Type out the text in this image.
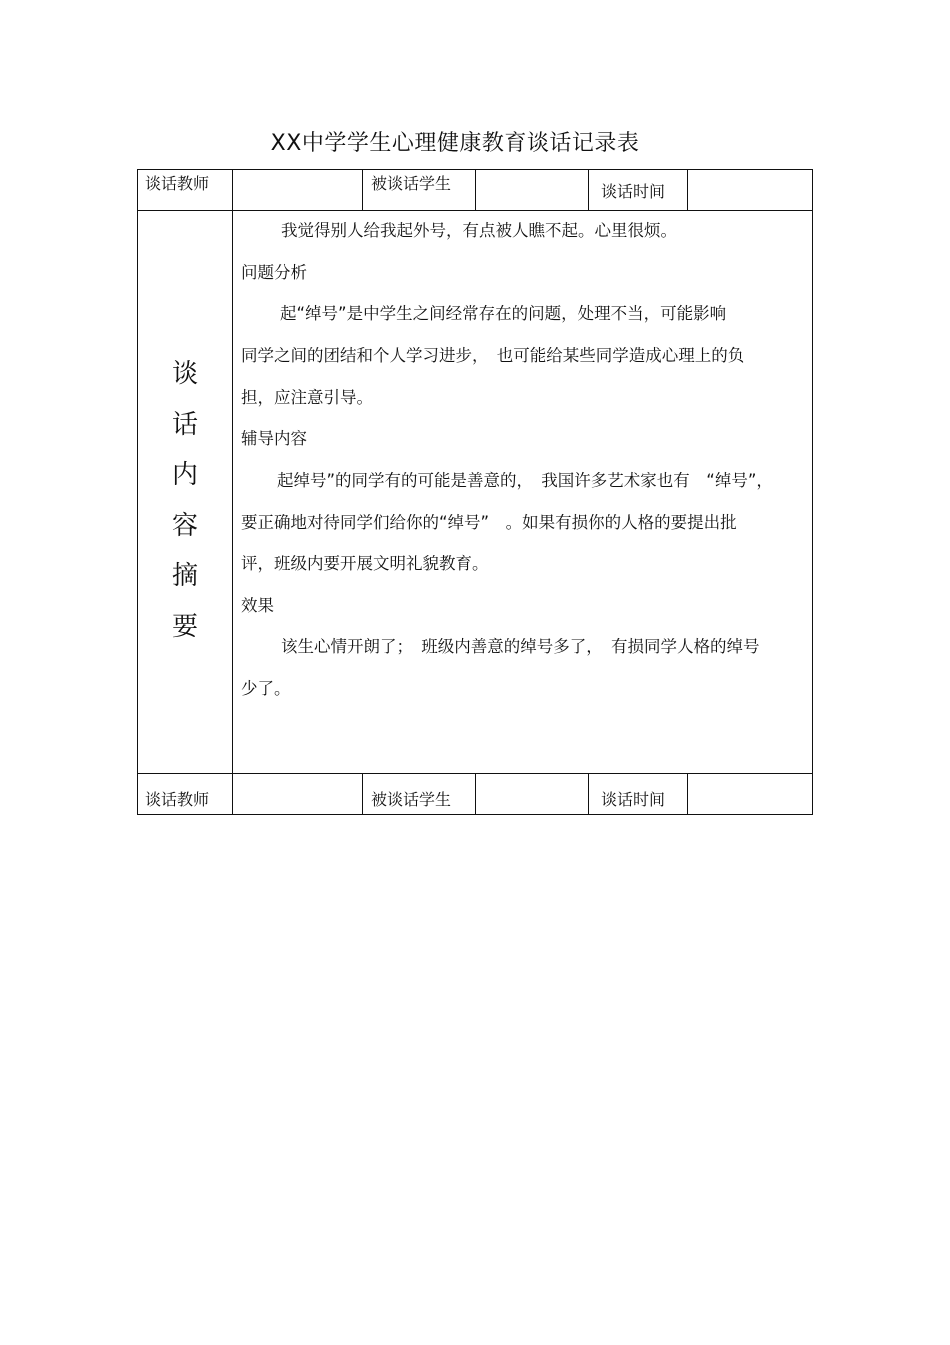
XX中学学生心理健康教育谈话记录表
谈话教师	被谈话学生	谈话时间
谈
话
内
容
摘
要
我觉得别人给我起外号，有点被人瞧不起。心里很烦。
问题分析
起“绰号”是中学生之间经常存在的问题，处理不当，可能影响
同学之间的团结和个人学习进步，　也可能给某些同学造成心理上的负
担，应注意引导。
辅导内容
起绰号”的同学有的可能是善意的，　我国许多艺术家也有　“绰号”，
要正确地对待同学们给你的“绰号”　。如果有损你的人格的要提出批
评，班级内要开展文明礼貌教育。
效果
该生心情开朗了；　班级内善意的绰号多了，　有损同学人格的绰号
少了。
谈话教师	被谈话学生	谈话时间
